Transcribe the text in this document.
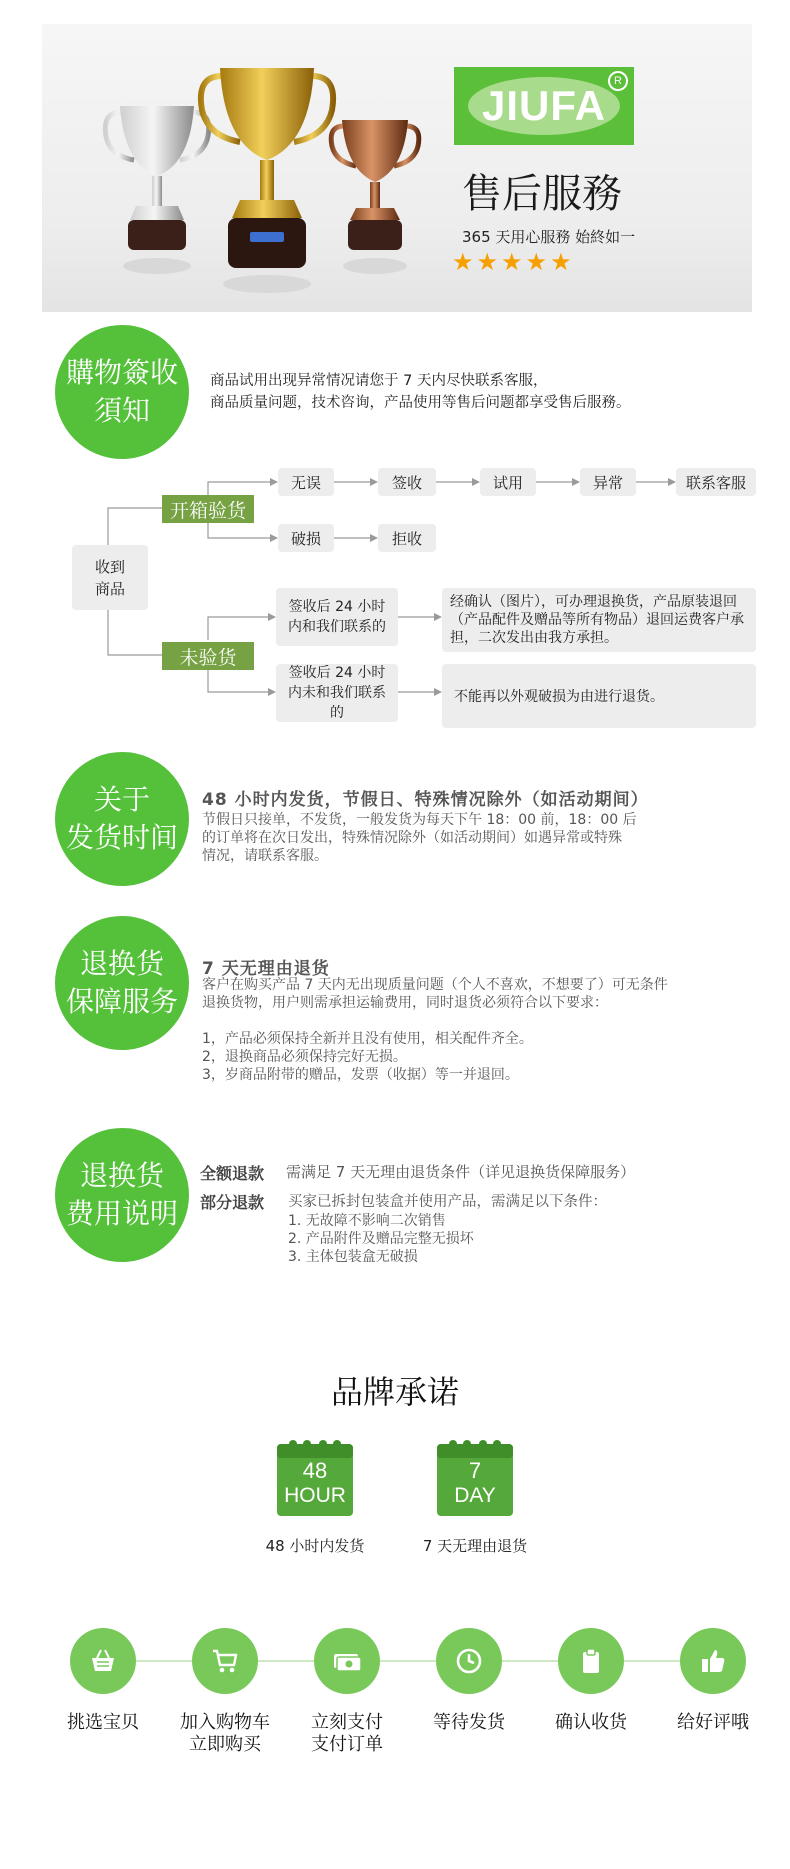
JIUFA
R
售后服務
365 天用心服務 始終如一
★★★★★
購物簽收
須知
商品试用出现异常情况请您于 7 天内尽快联系客服，
商品质量问题，技术咨询，产品使用等售后问题都享受售后服務。
收到
商品
开箱验货
未验货
无误	签收	试用	异常	联系客服
破损	拒收
签收后 24 小时内和我们联系的
经确认（图片），可办理退换货，产品原装退回（产品配件及赠品等所有物品）退回运费客户承担，二次发出由我方承担。
签收后 24 小时内未和我们联系的
不能再以外观破损为由进行退货。
关于
发货时间
48 小时内发货，节假日、特殊情况除外（如活动期间）
节假日只接单，不发货，一般发货为每天下午 18：00 前，18：00 后
的订单将在次日发出，特殊情况除外（如活动期间）如遇异常或特殊
情况，请联系客服。
退换货
保障服务
7 天无理由退货
客户在购买产品 7 天内无出现质量问题（个人不喜欢，不想要了）可无条件
退换货物，用户则需承担运输费用，同时退货必须符合以下要求：
1，产品必须保持全新并且没有使用，相关配件齐全。
2，退换商品必须保持完好无损。
3，岁商品附带的赠品，发票（收据）等一并退回。
退换货
费用说明
全额退款 需满足 7 天无理由退货条件（详见退换货保障服务）
部分退款 买家已拆封包装盒并使用产品，需满足以下条件：
1. 无故障不影响二次销售
2. 产品附件及赠品完整无损坏
3. 主体包装盒无破损
品牌承诺
48
HOUR
48 小时内发货
7
DAY
7 天无理由退货
挑选宝贝	加入购物车
立即购买
立刻支付
支付订单
等待发货	确认收货	给好评哦
